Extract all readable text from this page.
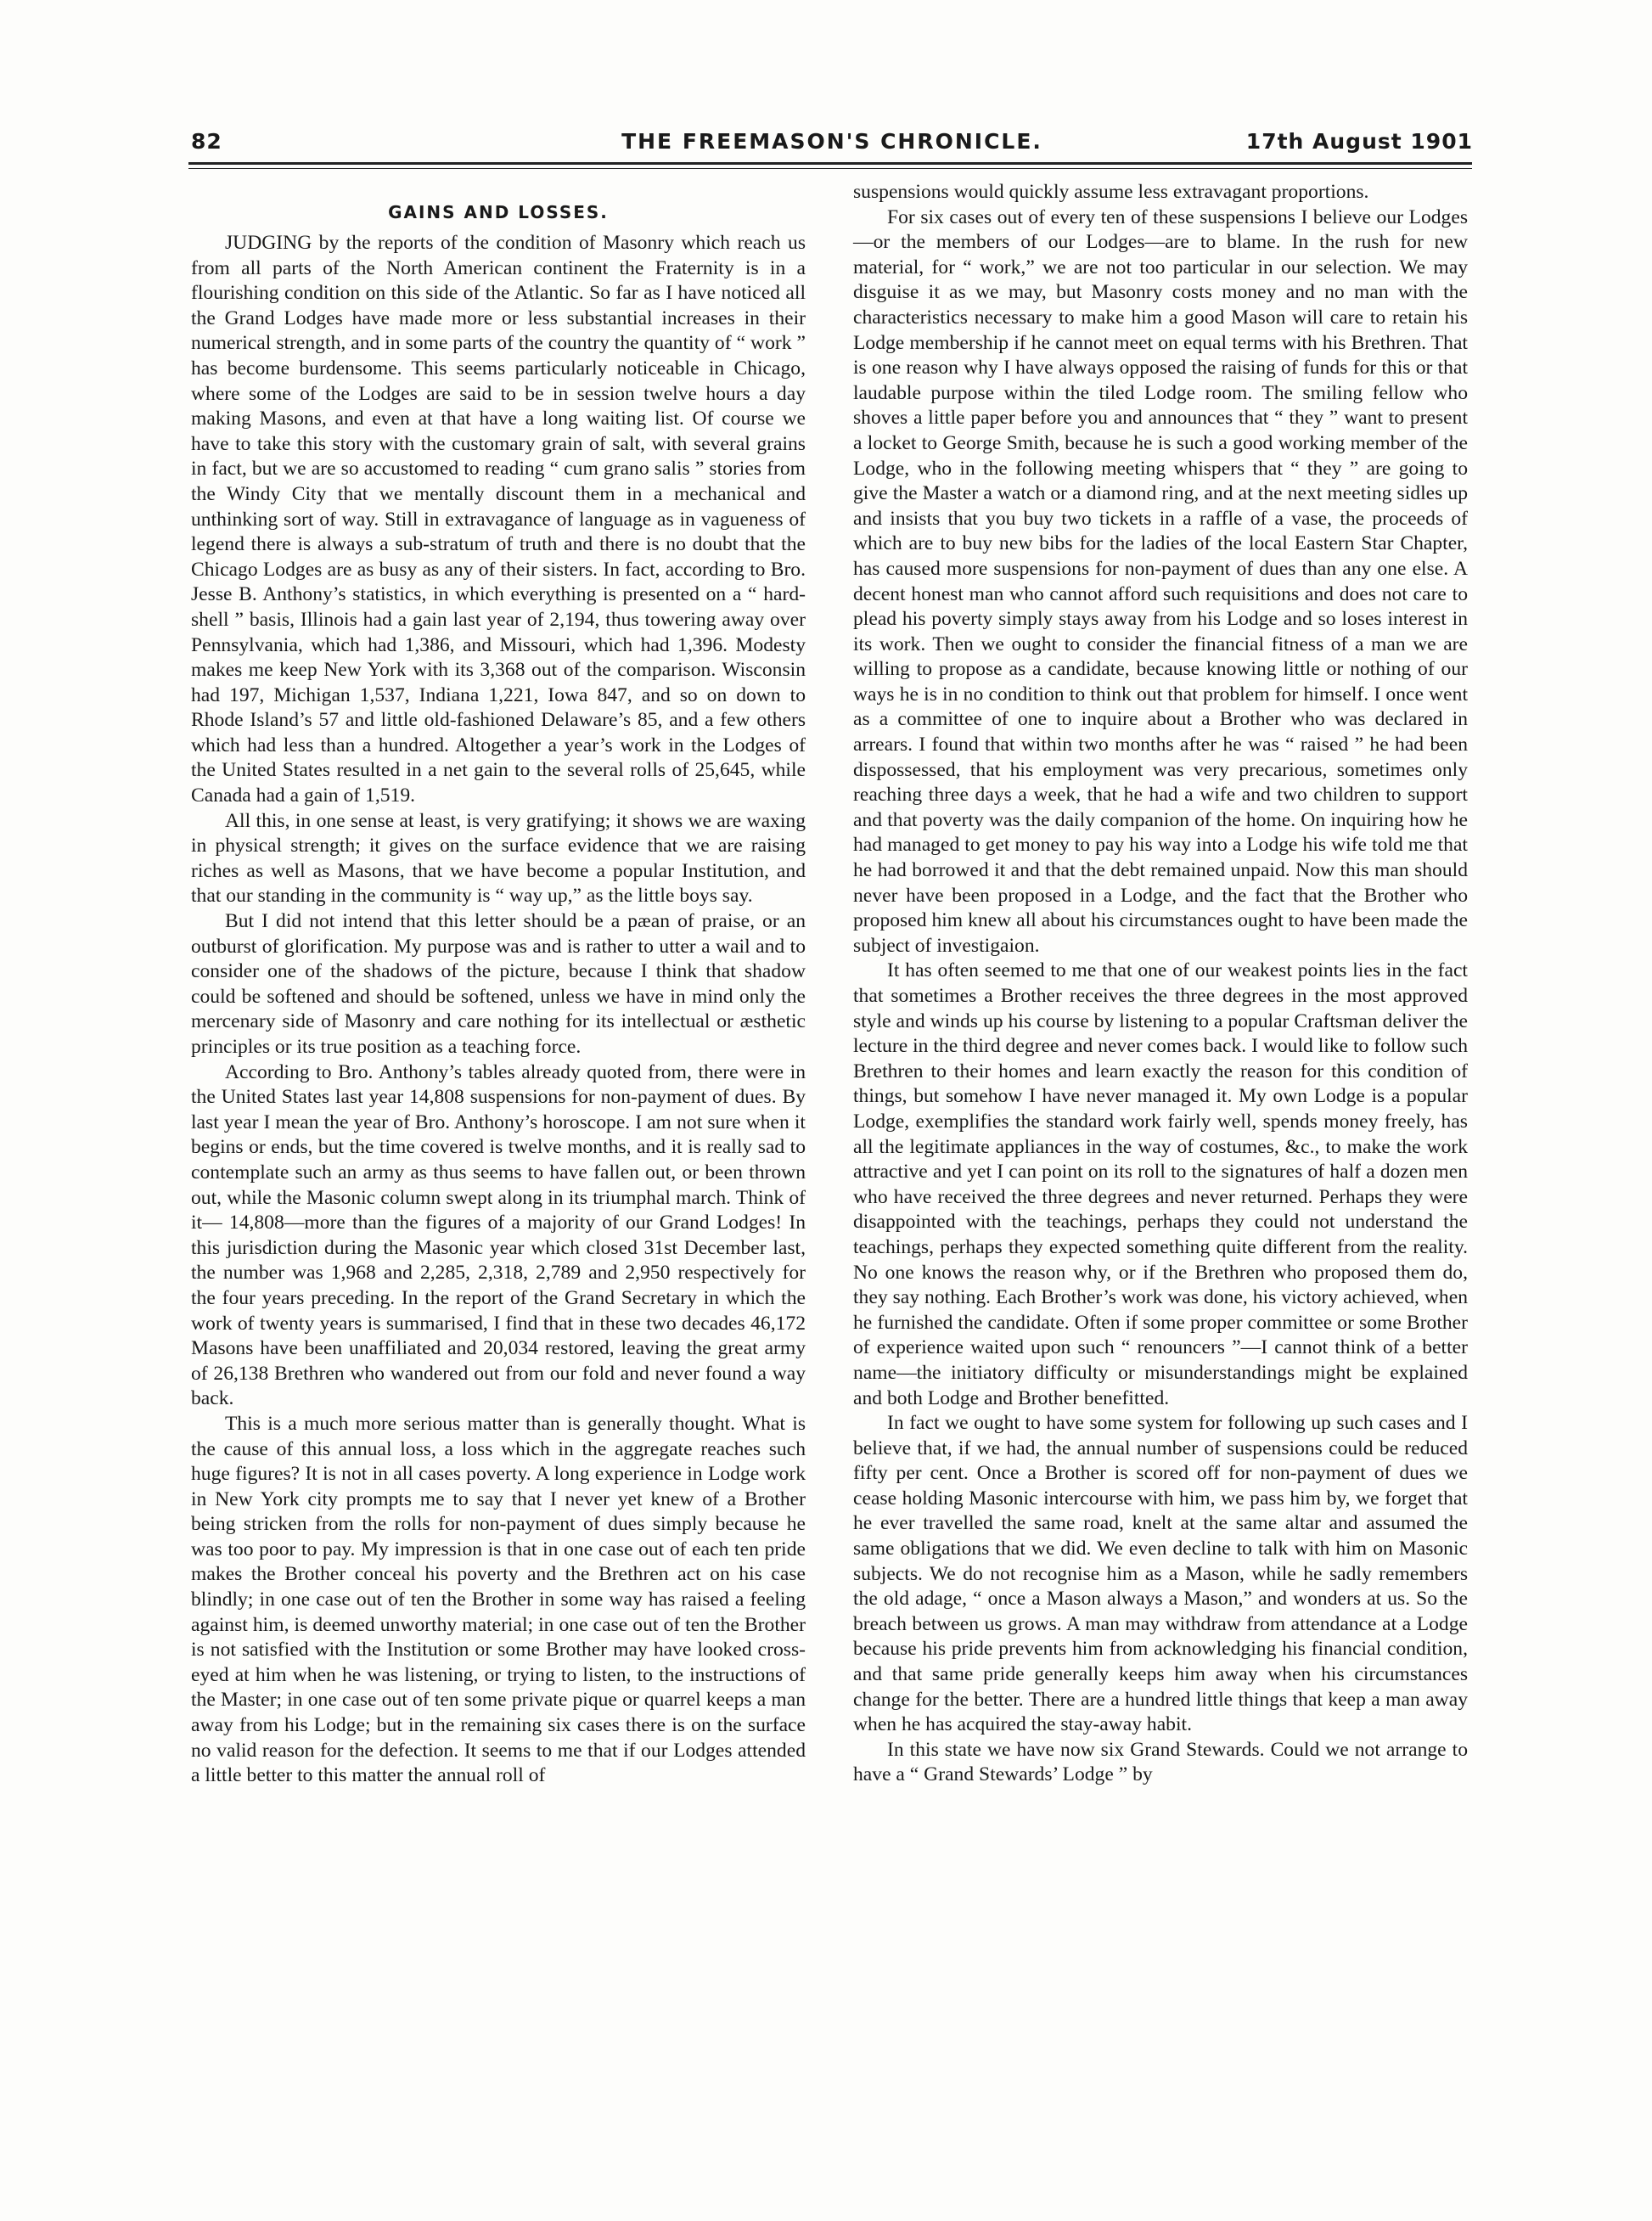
82	THE FREEMASON'S CHRONICLE.	17th August 1901
GAINS AND LOSSES.

JUDGING by the reports of the condition of Masonry which reach us from all parts of the North American continent the Fraternity is in a flourishing condition on this side of the Atlantic. So far as I have noticed all the Grand Lodges have made more or less substantial increases in their numerical strength, and in some parts of the country the quantity of “ work ” has become burdensome. This seems particularly noticeable in Chicago, where some of the Lodges are said to be in session twelve hours a day making Masons, and even at that have a long waiting list. Of course we have to take this story with the customary grain of salt, with several grains in fact, but we are so accustomed to reading “ cum grano salis ” stories from the Windy City that we mentally discount them in a mechanical and unthinking sort of way. Still in extravagance of language as in vagueness of legend there is always a sub-stratum of truth and there is no doubt that the Chicago Lodges are as busy as any of their sisters. In fact, according to Bro. Jesse B. Anthony’s statistics, in which everything is presented on a “ hard-shell ” basis, Illinois had a gain last year of 2,194, thus towering away over Pennsylvania, which had 1,386, and Missouri, which had 1,396. Modesty makes me keep New York with its 3,368 out of the comparison. Wisconsin had 197, Michigan 1,537, Indiana 1,221, Iowa 847, and so on down to Rhode Island’s 57 and little old-fashioned Delaware’s 85, and a few others which had less than a hundred. Altogether a year’s work in the Lodges of the United States resulted in a net gain to the several rolls of 25,645, while Canada had a gain of 1,519.

All this, in one sense at least, is very gratifying; it shows we are waxing in physical strength; it gives on the surface evidence that we are raising riches as well as Masons, that we have become a popular Institution, and that our standing in the community is “ way up,” as the little boys say.

But I did not intend that this letter should be a pæan of praise, or an outburst of glorification. My purpose was and is rather to utter a wail and to consider one of the shadows of the picture, because I think that shadow could be softened and should be softened, unless we have in mind only the mercenary side of Masonry and care nothing for its intellectual or æsthetic principles or its true position as a teaching force.

According to Bro. Anthony’s tables already quoted from, there were in the United States last year 14,808 suspensions for non-payment of dues. By last year I mean the year of Bro. Anthony’s horoscope. I am not sure when it begins or ends, but the time covered is twelve months, and it is really sad to contemplate such an army as thus seems to have fallen out, or been thrown out, while the Masonic column swept along in its triumphal march. Think of it— 14,808—more than the figures of a majority of our Grand Lodges! In this jurisdiction during the Masonic year which closed 31st December last, the number was 1,968 and 2,285, 2,318, 2,789 and 2,950 respectively for the four years preceding. In the report of the Grand Secretary in which the work of twenty years is summarised, I find that in these two decades 46,172 Masons have been unaffiliated and 20,034 restored, leaving the great army of 26,138 Brethren who wandered out from our fold and never found a way back.

This is a much more serious matter than is generally thought. What is the cause of this annual loss, a loss which in the aggregate reaches such huge figures? It is not in all cases poverty. A long experience in Lodge work in New York city prompts me to say that I never yet knew of a Brother being stricken from the rolls for non-payment of dues simply because he was too poor to pay. My impression is that in one case out of each ten pride makes the Brother conceal his poverty and the Brethren act on his case blindly; in one case out of ten the Brother in some way has raised a feeling against him, is deemed unworthy material; in one case out of ten the Brother is not satisfied with the Institution or some Brother may have looked cross-eyed at him when he was listening, or trying to listen, to the instructions of the Master; in one case out of ten some private pique or quarrel keeps a man away from his Lodge; but in the remaining six cases there is on the surface no valid reason for the defection. It seems to me that if our Lodges attended a little better to this matter the annual roll of

suspensions would quickly assume less extravagant proportions.

For six cases out of every ten of these suspensions I believe our Lodges—or the members of our Lodges—are to blame. In the rush for new material, for “ work,” we are not too particular in our selection. We may disguise it as we may, but Masonry costs money and no man with the characteristics necessary to make him a good Mason will care to retain his Lodge membership if he cannot meet on equal terms with his Brethren. That is one reason why I have always opposed the raising of funds for this or that laudable purpose within the tiled Lodge room. The smiling fellow who shoves a little paper before you and announces that “ they ” want to present a locket to George Smith, because he is such a good working member of the Lodge, who in the following meeting whispers that “ they ” are going to give the Master a watch or a diamond ring, and at the next meeting sidles up and insists that you buy two tickets in a raffle of a vase, the proceeds of which are to buy new bibs for the ladies of the local Eastern Star Chapter, has caused more suspensions for non-payment of dues than any one else. A decent honest man who cannot afford such requisitions and does not care to plead his poverty simply stays away from his Lodge and so loses interest in its work. Then we ought to consider the financial fitness of a man we are willing to propose as a candidate, because knowing little or nothing of our ways he is in no condition to think out that problem for himself. I once went as a committee of one to inquire about a Brother who was declared in arrears. I found that within two months after he was “ raised ” he had been dispossessed, that his employment was very precarious, sometimes only reaching three days a week, that he had a wife and two children to support and that poverty was the daily companion of the home. On inquiring how he had managed to get money to pay his way into a Lodge his wife told me that he had borrowed it and that the debt remained unpaid. Now this man should never have been proposed in a Lodge, and the fact that the Brother who proposed him knew all about his circumstances ought to have been made the subject of investigaion.

It has often seemed to me that one of our weakest points lies in the fact that sometimes a Brother receives the three degrees in the most approved style and winds up his course by listening to a popular Craftsman deliver the lecture in the third degree and never comes back. I would like to follow such Brethren to their homes and learn exactly the reason for this condition of things, but somehow I have never managed it. My own Lodge is a popular Lodge, exemplifies the standard work fairly well, spends money freely, has all the legitimate appliances in the way of costumes, &c., to make the work attractive and yet I can point on its roll to the signatures of half a dozen men who have received the three degrees and never returned. Perhaps they were disappointed with the teachings, perhaps they could not understand the teachings, perhaps they expected something quite different from the reality. No one knows the reason why, or if the Brethren who proposed them do, they say nothing. Each Brother’s work was done, his victory achieved, when he furnished the candidate. Often if some proper committee or some Brother of experience waited upon such “ renouncers ”—I cannot think of a better name—the initiatory difficulty or misunderstandings might be explained and both Lodge and Brother benefitted.

In fact we ought to have some system for following up such cases and I believe that, if we had, the annual number of suspensions could be reduced fifty per cent. Once a Brother is scored off for non-payment of dues we cease holding Masonic intercourse with him, we pass him by, we forget that he ever travelled the same road, knelt at the same altar and assumed the same obligations that we did. We even decline to talk with him on Masonic subjects. We do not recognise him as a Mason, while he sadly remembers the old adage, “ once a Mason always a Mason,” and wonders at us. So the breach between us grows. A man may withdraw from attendance at a Lodge because his pride prevents him from acknowledging his financial condition, and that same pride generally keeps him away when his circumstances change for the better. There are a hundred little things that keep a man away when he has acquired the stay-away habit.

In this state we have now six Grand Stewards. Could we not arrange to have a “ Grand Stewards’ Lodge ” by
